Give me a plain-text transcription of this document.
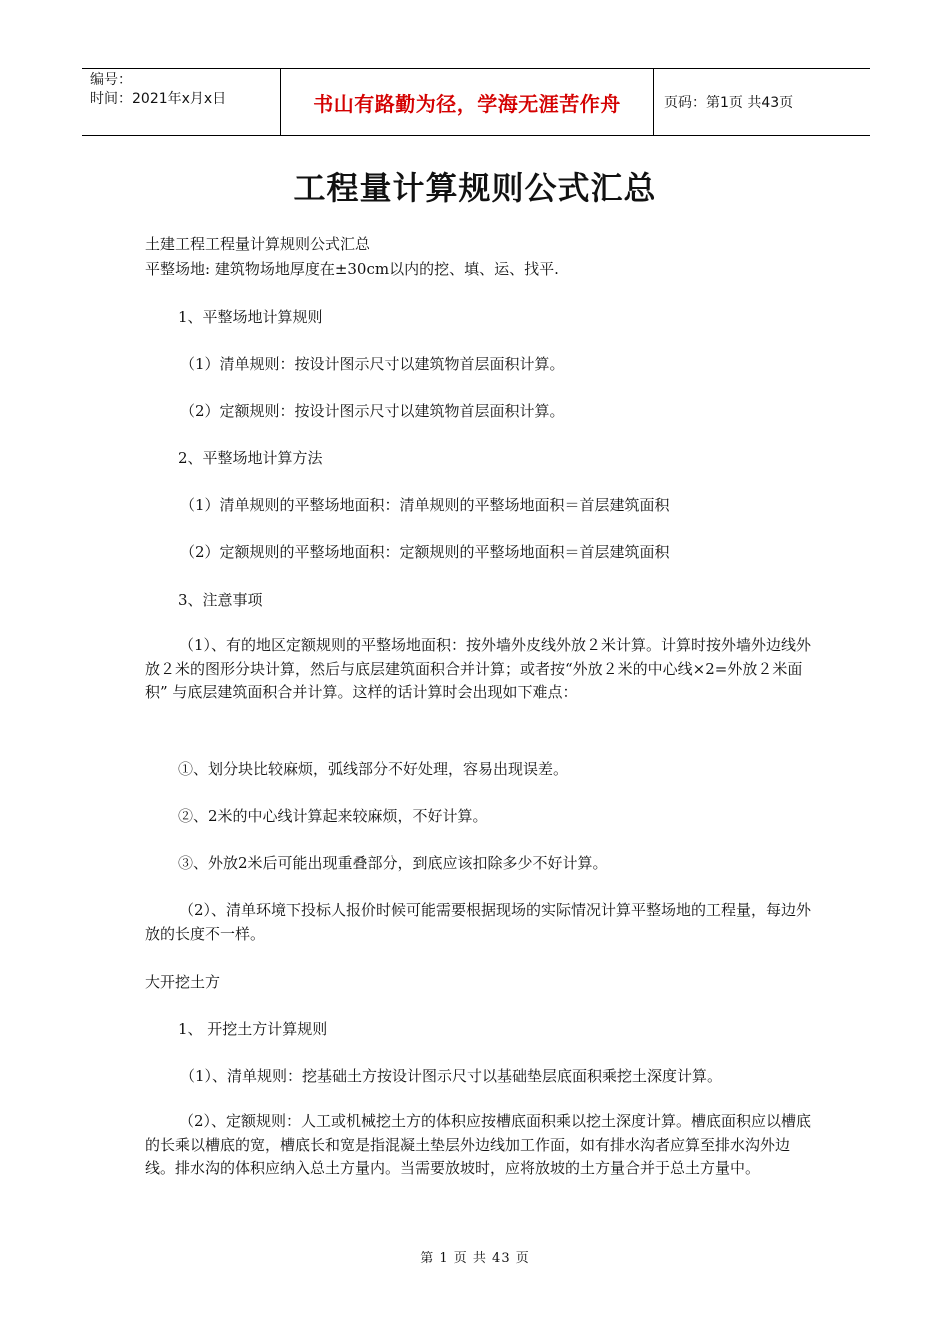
编号：
时间：2021年x月x日	书山有路勤为径，学海无涯苦作舟	页码：第1页 共43页
工程量计算规则公式汇总
土建工程工程量计算规则公式汇总
平整场地: 建筑物场地厚度在±30cm以内的挖、填、运、找平.
1、平整场地计算规则
（1）清单规则：按设计图示尺寸以建筑物首层面积计算。
（2）定额规则：按设计图示尺寸以建筑物首层面积计算。
2、平整场地计算方法
（1）清单规则的平整场地面积：清单规则的平整场地面积＝首层建筑面积
（2）定额规则的平整场地面积：定额规则的平整场地面积＝首层建筑面积
3、注意事项
（1）、有的地区定额规则的平整场地面积：按外墙外皮线外放２米计算。计算时按外墙外边线外放２米的图形分块计算，然后与底层建筑面积合并计算；或者按“外放２米的中心线×2=外放２米面积” 与底层建筑面积合并计算。这样的话计算时会出现如下难点：
①、划分块比较麻烦，弧线部分不好处理，容易出现误差。
②、2米的中心线计算起来较麻烦，不好计算。
③、外放2米后可能出现重叠部分，到底应该扣除多少不好计算。
（2）、清单环境下投标人报价时候可能需要根据现场的实际情况计算平整场地的工程量，每边外放的长度不一样。
大开挖土方
1、 开挖土方计算规则
（1）、清单规则：挖基础土方按设计图示尺寸以基础垫层底面积乘挖土深度计算。
（2）、定额规则：人工或机械挖土方的体积应按槽底面积乘以挖土深度计算。槽底面积应以槽底的长乘以槽底的宽，槽底长和宽是指混凝土垫层外边线加工作面，如有排水沟者应算至排水沟外边线。排水沟的体积应纳入总土方量内。当需要放坡时，应将放坡的土方量合并于总土方量中。
第 1 页 共 43 页
